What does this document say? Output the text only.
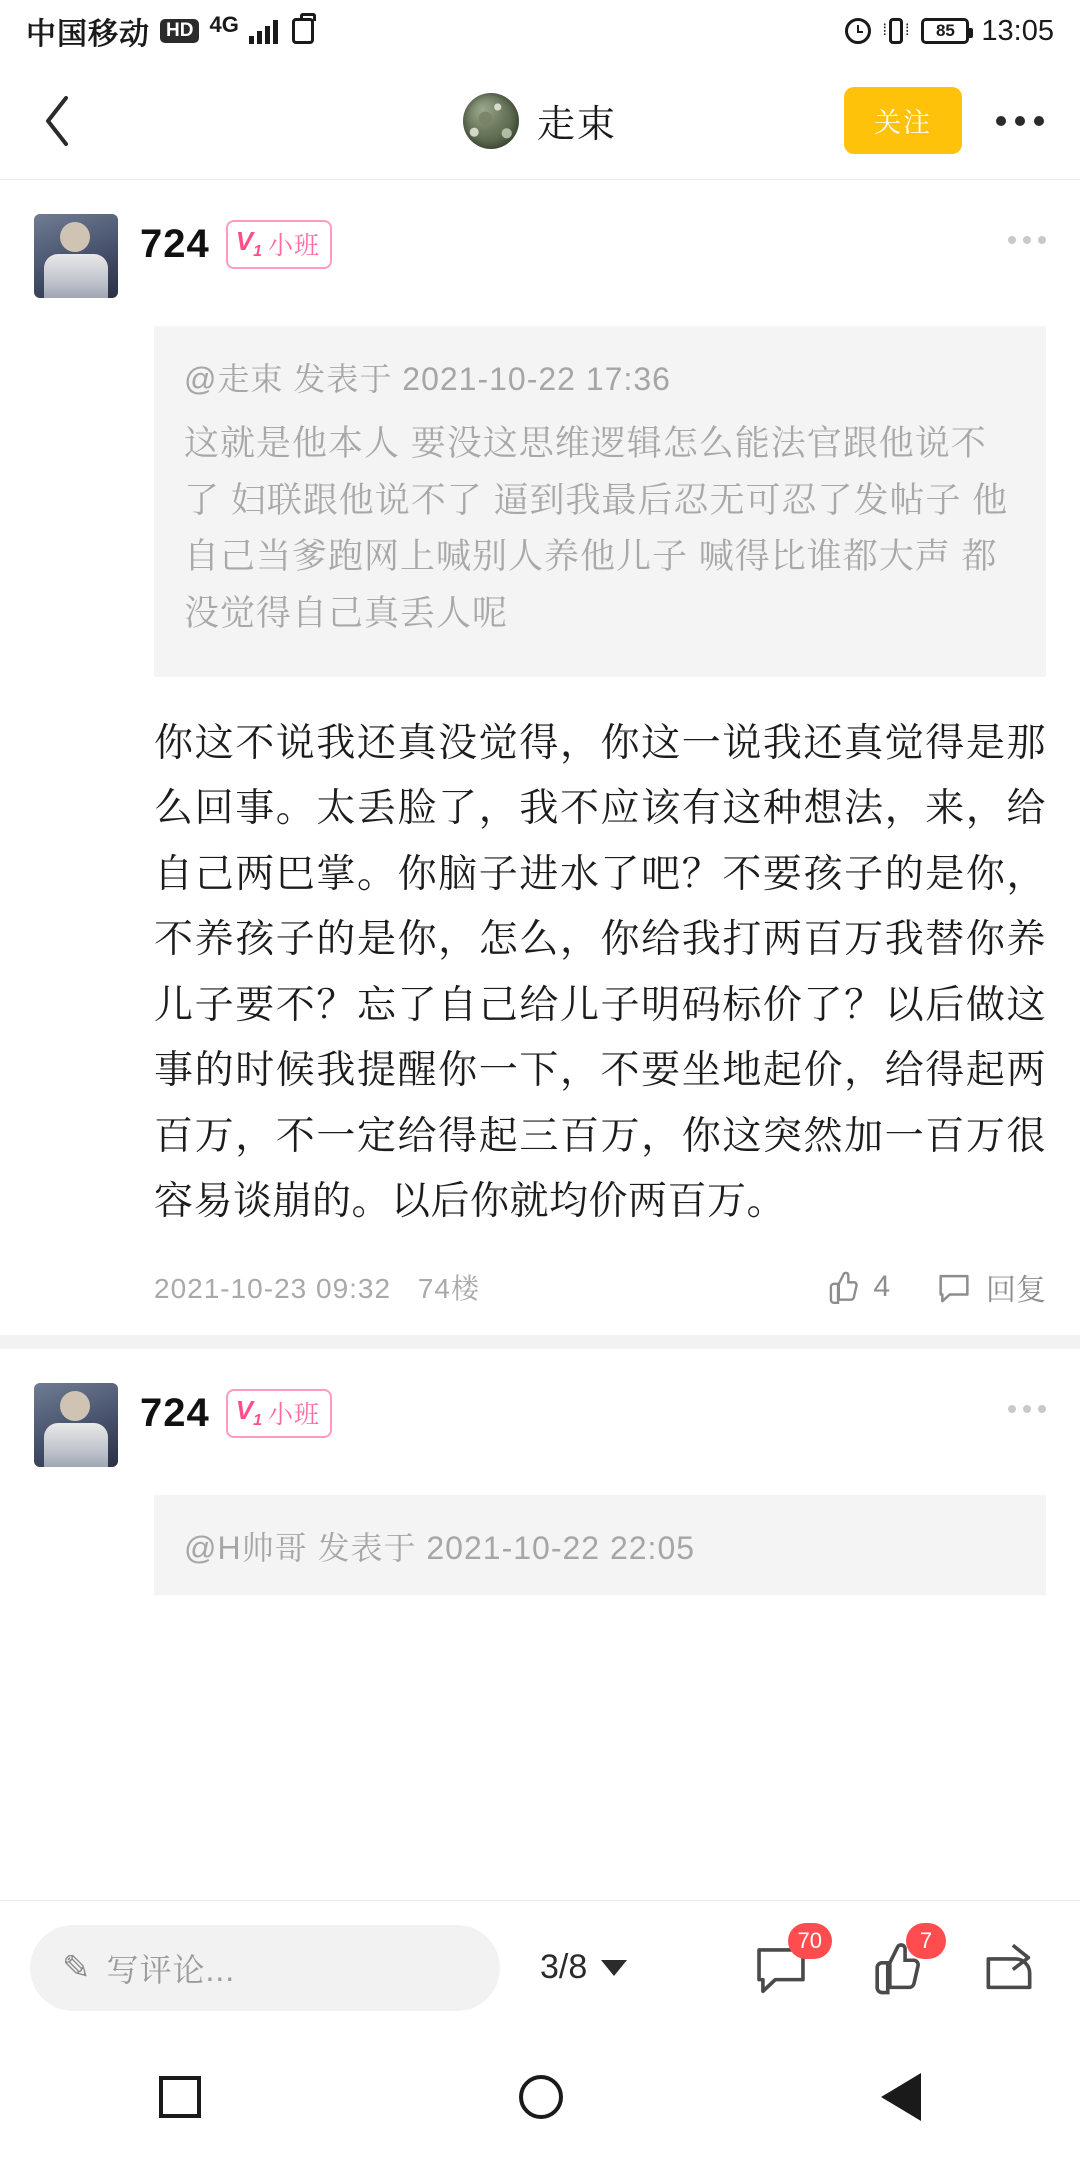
中国移动 HD 4G	⁞ ⁞ 85 13:05
走束	关注
724 $V_1$ 小班
@走束 发表于 2021-10-22 17:36
这就是他本人 要没这思维逻辑怎么能法官跟他说不了 妇联跟他说不了 逼到我最后忍无可忍了发帖子 他自己当爹跑网上喊别人养他儿子 喊得比谁都大声 都没觉得自己真丢人呢
你这不说我还真没觉得，你这一说我还真觉得是那么回事。太丢脸了，我不应该有这种想法，来，给自己两巴掌。你脑子进水了吧？不要孩子的是你，不养孩子的是你，怎么，你给我打两百万我替你养儿子要不？忘了自己给儿子明码标价了？以后做这事的时候我提醒你一下，不要坐地起价，给得起两百万，不一定给得起三百万，你这突然加一百万很容易谈崩的。以后你就均价两百万。
2021-10-23 09:32 74楼	4	回复
724 $V_1$ 小班
@H帅哥 发表于 2021-10-22 22:05
✎ 写评论...	3/8
70	7
